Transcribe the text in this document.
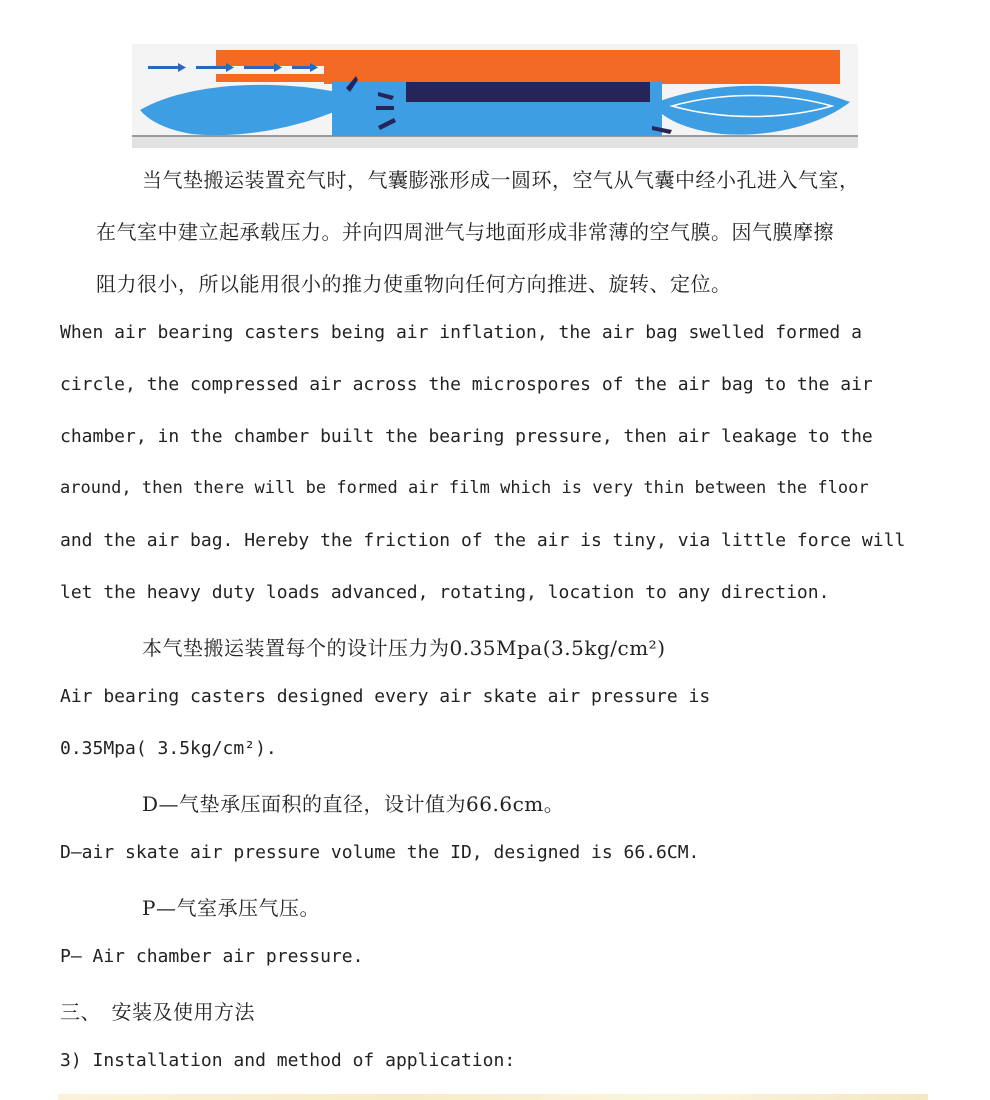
当气垫搬运装置充气时，气囊膨涨形成一圆环，空气从气囊中经小孔进入气室，

在气室中建立起承载压力。并向四周泄气与地面形成非常薄的空气膜。因气膜摩擦

阻力很小，所以能用很小的推力使重物向任何方向推进、旋转、定位。

When air bearing casters being air inflation, the air bag swelled formed a

circle, the compressed air across the microspores of the air bag to the air

chamber, in the chamber built the bearing pressure, then air leakage to the

around, then there will be formed air film which is very thin between the floor

and the air bag. Hereby the friction of the air is tiny, via little force will

let the heavy duty loads advanced, rotating, location to any direction.

本气垫搬运装置每个的设计压力为0.35Mpa(3.5kg/cm²)

Air bearing casters designed every air skate air pressure is

0.35Mpa( 3.5kg/cm²).

D—气垫承压面积的直径，设计值为66.6cm。

D—air skate air pressure volume the ID, designed is 66.6CM.

P—气室承压气压。

P— Air chamber air pressure.

三、　安装及使用方法

3) Installation and method of application:
